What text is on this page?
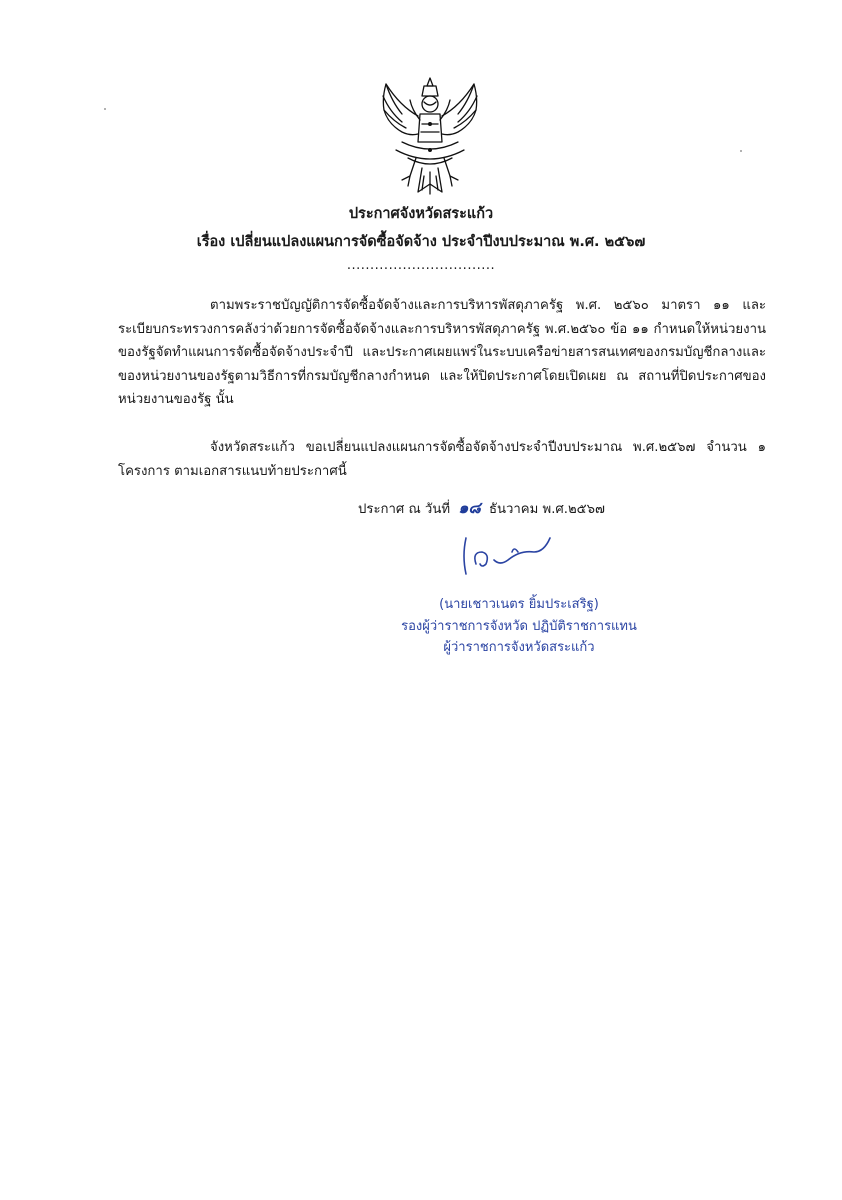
ประกาศจังหวัดสระแก้ว
เรื่อง เปลี่ยนแปลงแผนการจัดซื้อจัดจ้าง ประจำปีงบประมาณ พ.ศ. ๒๕๖๗
................................
ตามพระราชบัญญัติการจัดซื้อจัดจ้างและการบริหารพัสดุภาครัฐ พ.ศ. ๒๕๖๐ มาตรา ๑๑ และระเบียบกระทรวงการคลังว่าด้วยการจัดซื้อจัดจ้างและการบริหารพัสดุภาครัฐ พ.ศ.๒๕๖๐ ข้อ ๑๑ กำหนดให้หน่วยงานของรัฐจัดทำแผนการจัดซื้อจัดจ้างประจำปี และประกาศเผยแพร่ในระบบเครือข่ายสารสนเทศของกรมบัญชีกลางและของหน่วยงานของรัฐตามวิธีการที่กรมบัญชีกลางกำหนด และให้ปิดประกาศโดยเปิดเผย ณ สถานที่ปิดประกาศของหน่วยงานของรัฐ นั้น
จังหวัดสระแก้ว ขอเปลี่ยนแปลงแผนการจัดซื้อจัดจ้างประจำปีงบประมาณ พ.ศ.๒๕๖๗ จำนวน ๑ โครงการ ตามเอกสารแนบท้ายประกาศนี้
ประกาศ ณ วันที่ ๑๘ ธันวาคม พ.ศ.๒๕๖๗
(นายเชาวเนตร ยิ้มประเสริฐ)
รองผู้ว่าราชการจังหวัด ปฏิบัติราชการแทน
ผู้ว่าราชการจังหวัดสระแก้ว
